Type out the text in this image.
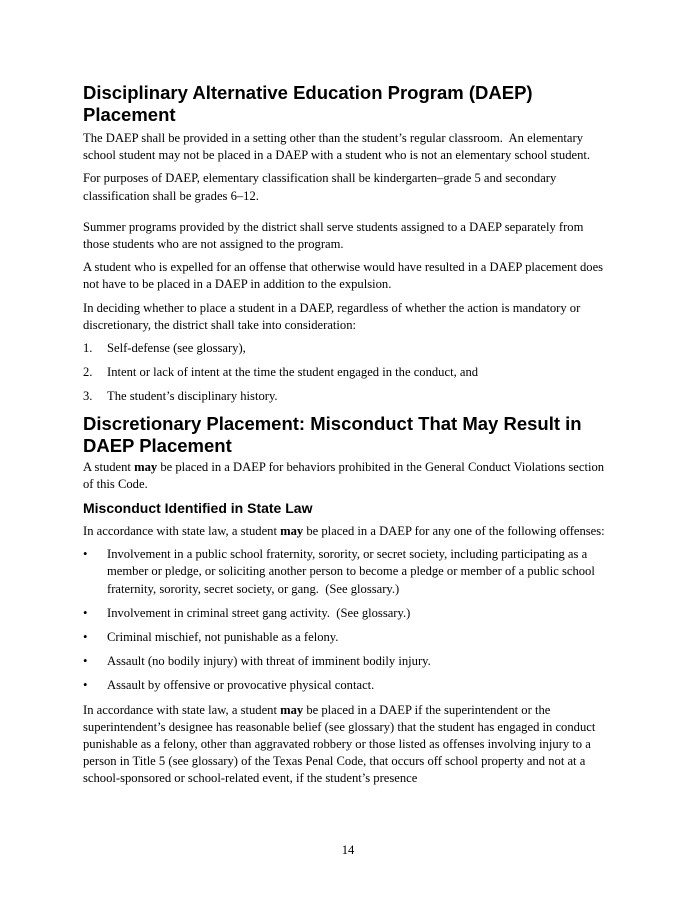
Disciplinary Alternative Education Program (DAEP) Placement

The DAEP shall be provided in a setting other than the student’s regular classroom.  An elementary school student may not be placed in a DAEP with a student who is not an elementary school student.

For purposes of DAEP, elementary classification shall be kindergarten–grade 5 and secondary classification shall be grades 6–12.

Summer programs provided by the district shall serve students assigned to a DAEP separately from those students who are not assigned to the program.

A student who is expelled for an offense that otherwise would have resulted in a DAEP placement does not have to be placed in a DAEP in addition to the expulsion.

In deciding whether to place a student in a DAEP, regardless of whether the action is mandatory or discretionary, the district shall take into consideration:

1. Self-defense (see glossary),
2. Intent or lack of intent at the time the student engaged in the conduct, and
3. The student’s disciplinary history.
Discretionary Placement: Misconduct That May Result in DAEP Placement

A student may be placed in a DAEP for behaviors prohibited in the General Conduct Violations section of this Code.

Misconduct Identified in State Law

In accordance with state law, a student may be placed in a DAEP for any one of the following offenses:

• Involvement in a public school fraternity, sorority, or secret society, including participating as a member or pledge, or soliciting another person to become a pledge or member of a public school fraternity, sorority, secret society, or gang.  (See glossary.)
• Involvement in criminal street gang activity.  (See glossary.)
• Criminal mischief, not punishable as a felony.
• Assault (no bodily injury) with threat of imminent bodily injury.
• Assault by offensive or provocative physical contact.

In accordance with state law, a student may be placed in a DAEP if the superintendent or the superintendent’s designee has reasonable belief (see glossary) that the student has engaged in conduct punishable as a felony, other than aggravated robbery or those listed as offenses involving injury to a person in Title 5 (see glossary) of the Texas Penal Code, that occurs off school property and not at a school-sponsored or school-related event, if the student’s presence

14
